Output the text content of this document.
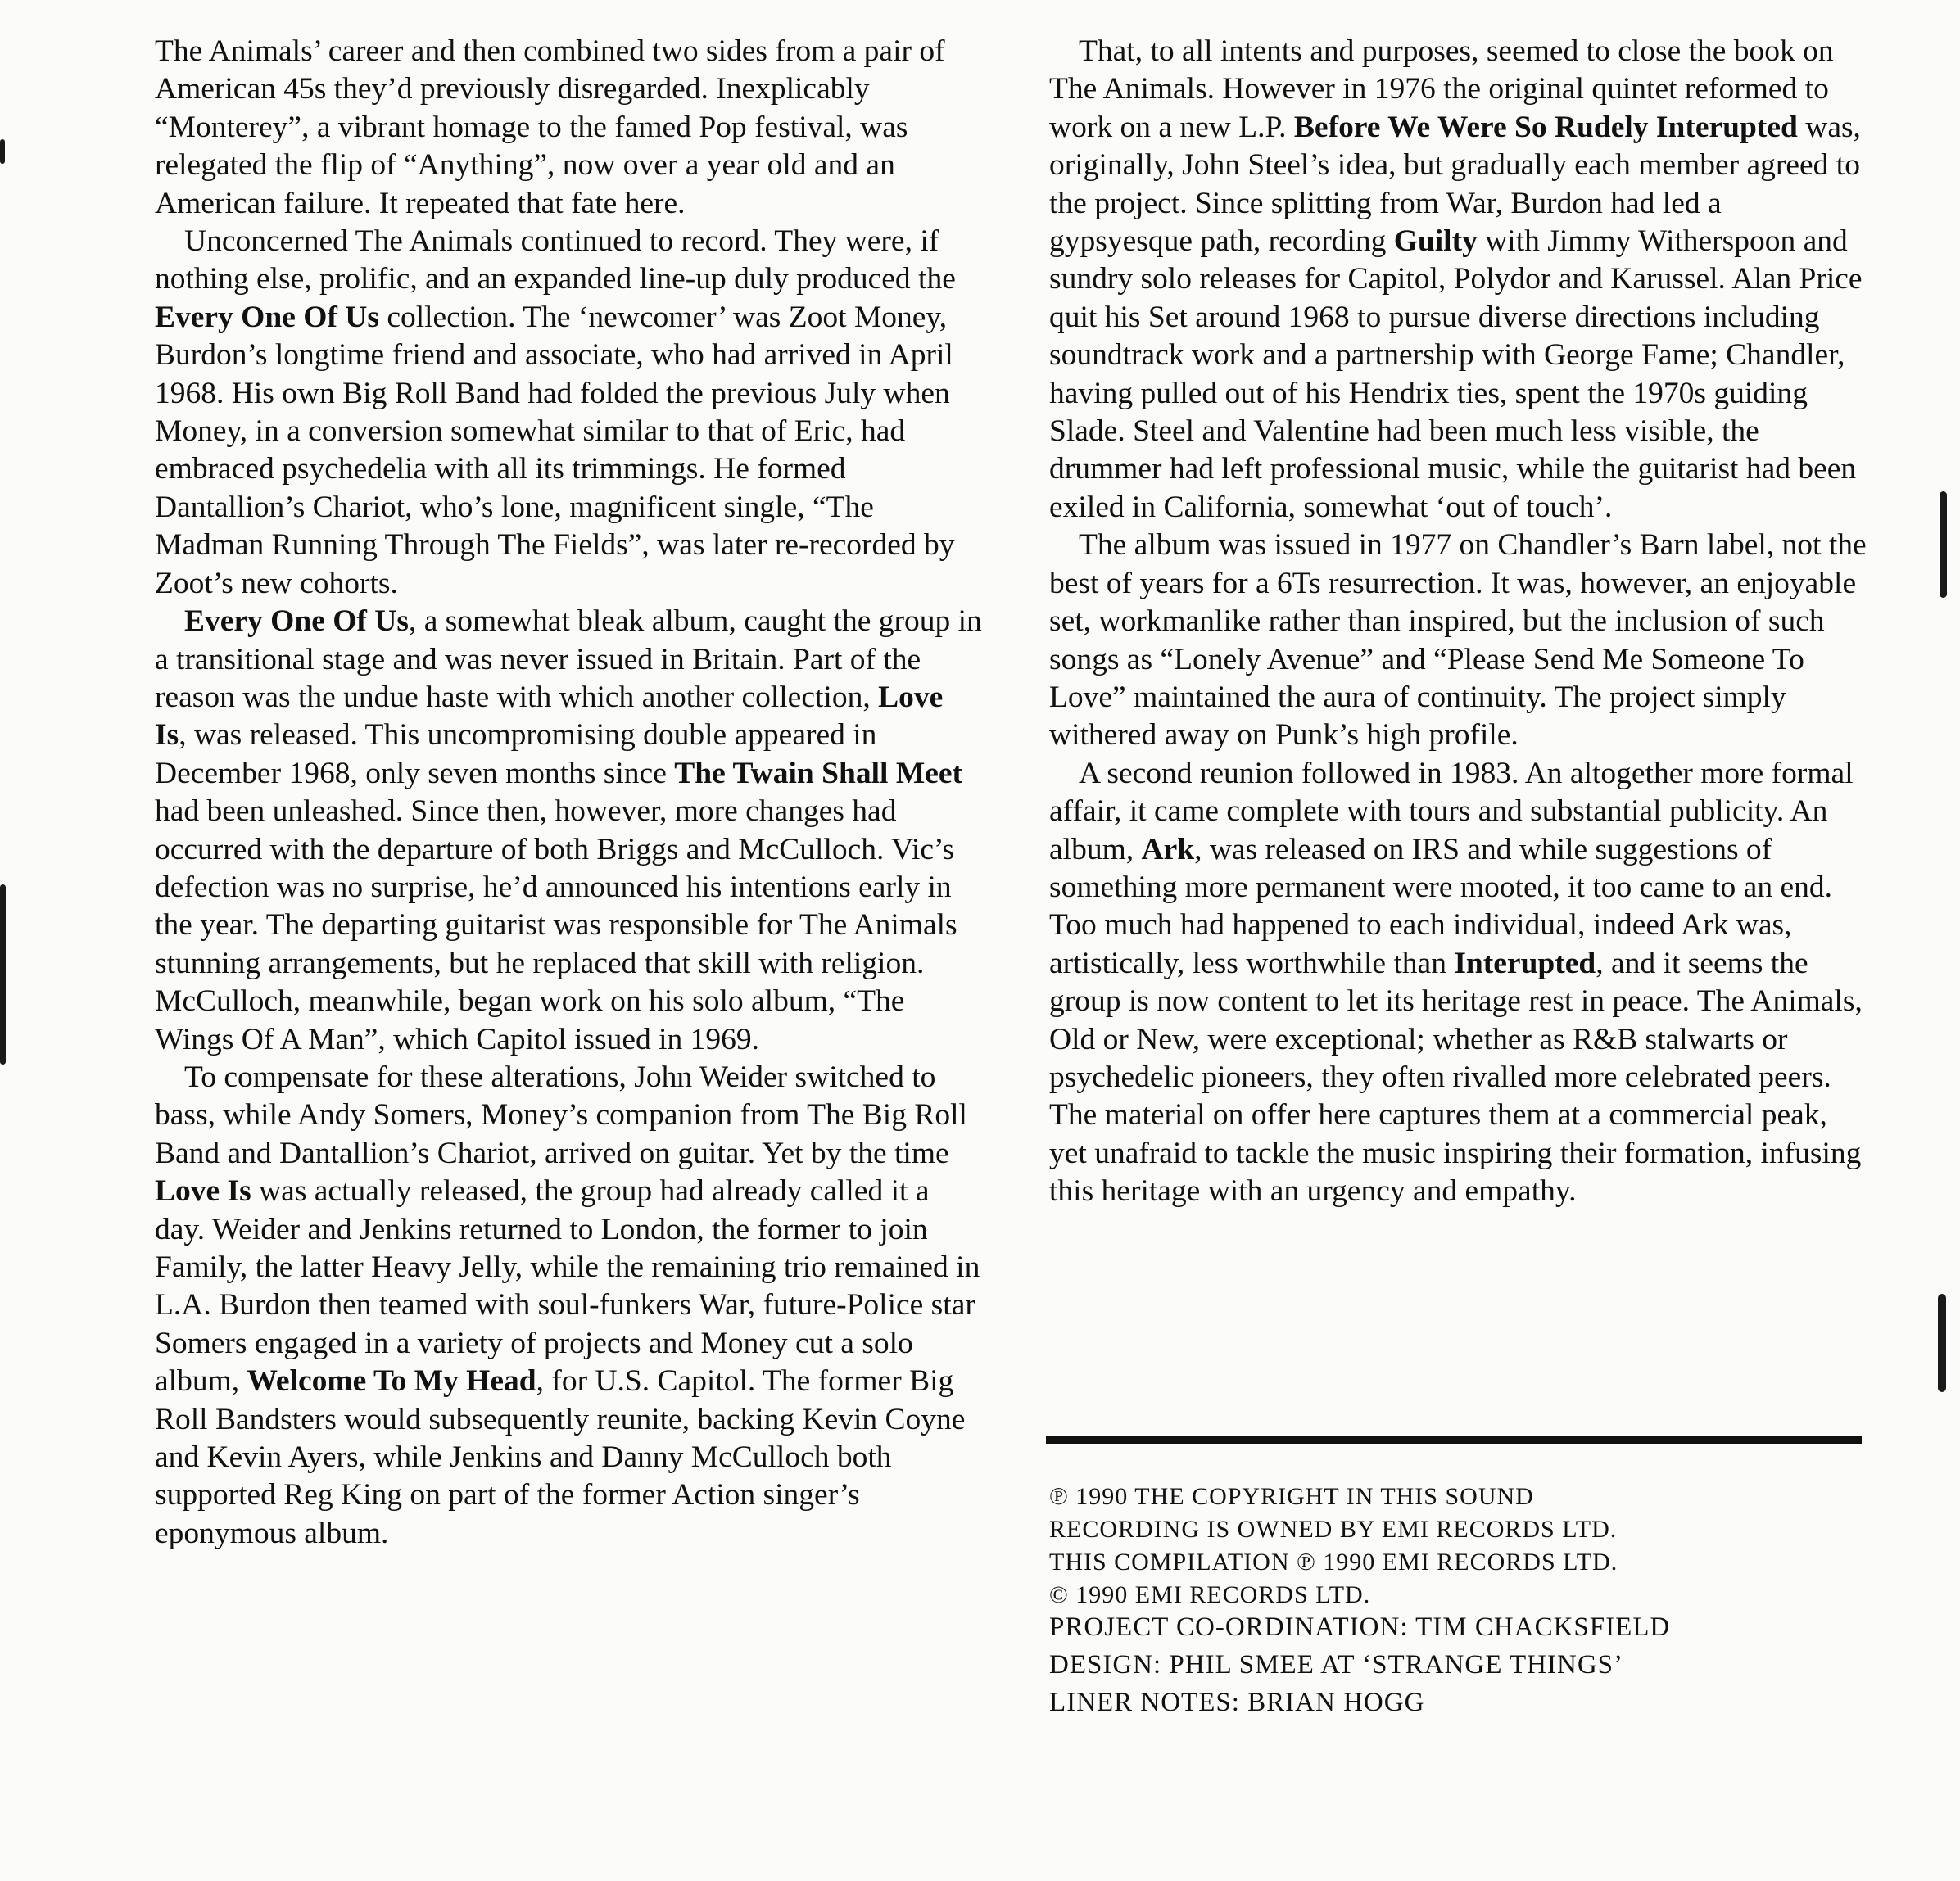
The Animals’ career and then combined two sides from a pair of American 45s they’d previously disregarded. Inexplicably “Monterey”, a vibrant homage to the famed Pop festival, was relegated the flip of “Anything”, now over a year old and an American failure. It repeated that fate here.

Unconcerned The Animals continued to record. They were, if nothing else, prolific, and an expanded line-up duly produced the Every One Of Us collection. The ‘newcomer’ was Zoot Money, Burdon’s longtime friend and associate, who had arrived in April 1968. His own Big Roll Band had folded the previous July when Money, in a conversion somewhat similar to that of Eric, had embraced psychedelia with all its trimmings. He formed Dantallion’s Chariot, who’s lone, magnificent single, “The Madman Running Through The Fields”, was later re-recorded by Zoot’s new cohorts.

Every One Of Us, a somewhat bleak album, caught the group in a transitional stage and was never issued in Britain. Part of the reason was the undue haste with which another collection, Love Is, was released. This uncompromising double appeared in December 1968, only seven months since The Twain Shall Meet had been unleashed. Since then, however, more changes had occurred with the departure of both Briggs and McCulloch. Vic’s defection was no surprise, he’d announced his intentions early in the year. The departing guitarist was responsible for The Animals stunning arrangements, but he replaced that skill with religion. McCulloch, meanwhile, began work on his solo album, “The Wings Of A Man”, which Capitol issued in 1969.

To compensate for these alterations, John Weider switched to bass, while Andy Somers, Money’s companion from The Big Roll Band and Dantallion’s Chariot, arrived on guitar. Yet by the time Love Is was actually released, the group had already called it a day. Weider and Jenkins returned to London, the former to join Family, the latter Heavy Jelly, while the remaining trio remained in L.A. Burdon then teamed with soul-funkers War, future-Police star Somers engaged in a variety of projects and Money cut a solo album, Welcome To My Head, for U.S. Capitol. The former Big Roll Bandsters would subsequently reunite, backing Kevin Coyne and Kevin Ayers, while Jenkins and Danny McCulloch both supported Reg King on part of the former Action singer’s eponymous album.

That, to all intents and purposes, seemed to close the book on The Animals. However in 1976 the original quintet reformed to work on a new L.P. Before We Were So Rudely Interupted was, originally, John Steel’s idea, but gradually each member agreed to the project. Since splitting from War, Burdon had led a gypsyesque path, recording Guilty with Jimmy Witherspoon and sundry solo releases for Capitol, Polydor and Karussel. Alan Price quit his Set around 1968 to pursue diverse directions including soundtrack work and a partnership with George Fame; Chandler, having pulled out of his Hendrix ties, spent the 1970s guiding Slade. Steel and Valentine had been much less visible, the drummer had left professional music, while the guitarist had been exiled in California, somewhat ‘out of touch’.

The album was issued in 1977 on Chandler’s Barn label, not the best of years for a 6Ts resurrection. It was, however, an enjoyable set, workmanlike rather than inspired, but the inclusion of such songs as “Lonely Avenue” and “Please Send Me Someone To Love” maintained the aura of continuity. The project simply withered away on Punk’s high profile.

A second reunion followed in 1983. An altogether more formal affair, it came complete with tours and substantial publicity. An album, Ark, was released on IRS and while suggestions of something more permanent were mooted, it too came to an end. Too much had happened to each individual, indeed Ark was, artistically, less worthwhile than Interupted, and it seems the group is now content to let its heritage rest in peace. The Animals, Old or New, were exceptional; whether as R&B stalwarts or psychedelic pioneers, they often rivalled more celebrated peers. The material on offer here captures them at a commercial peak, yet unafraid to tackle the music inspiring their formation, infusing this heritage with an urgency and empathy.

℗ 1990 THE COPYRIGHT IN THIS SOUND

RECORDING IS OWNED BY EMI RECORDS LTD.

THIS COMPILATION ℗ 1990 EMI RECORDS LTD.

© 1990 EMI RECORDS LTD.

PROJECT CO-ORDINATION: TIM CHACKSFIELD

DESIGN: PHIL SMEE AT ‘STRANGE THINGS’

LINER NOTES: BRIAN HOGG
